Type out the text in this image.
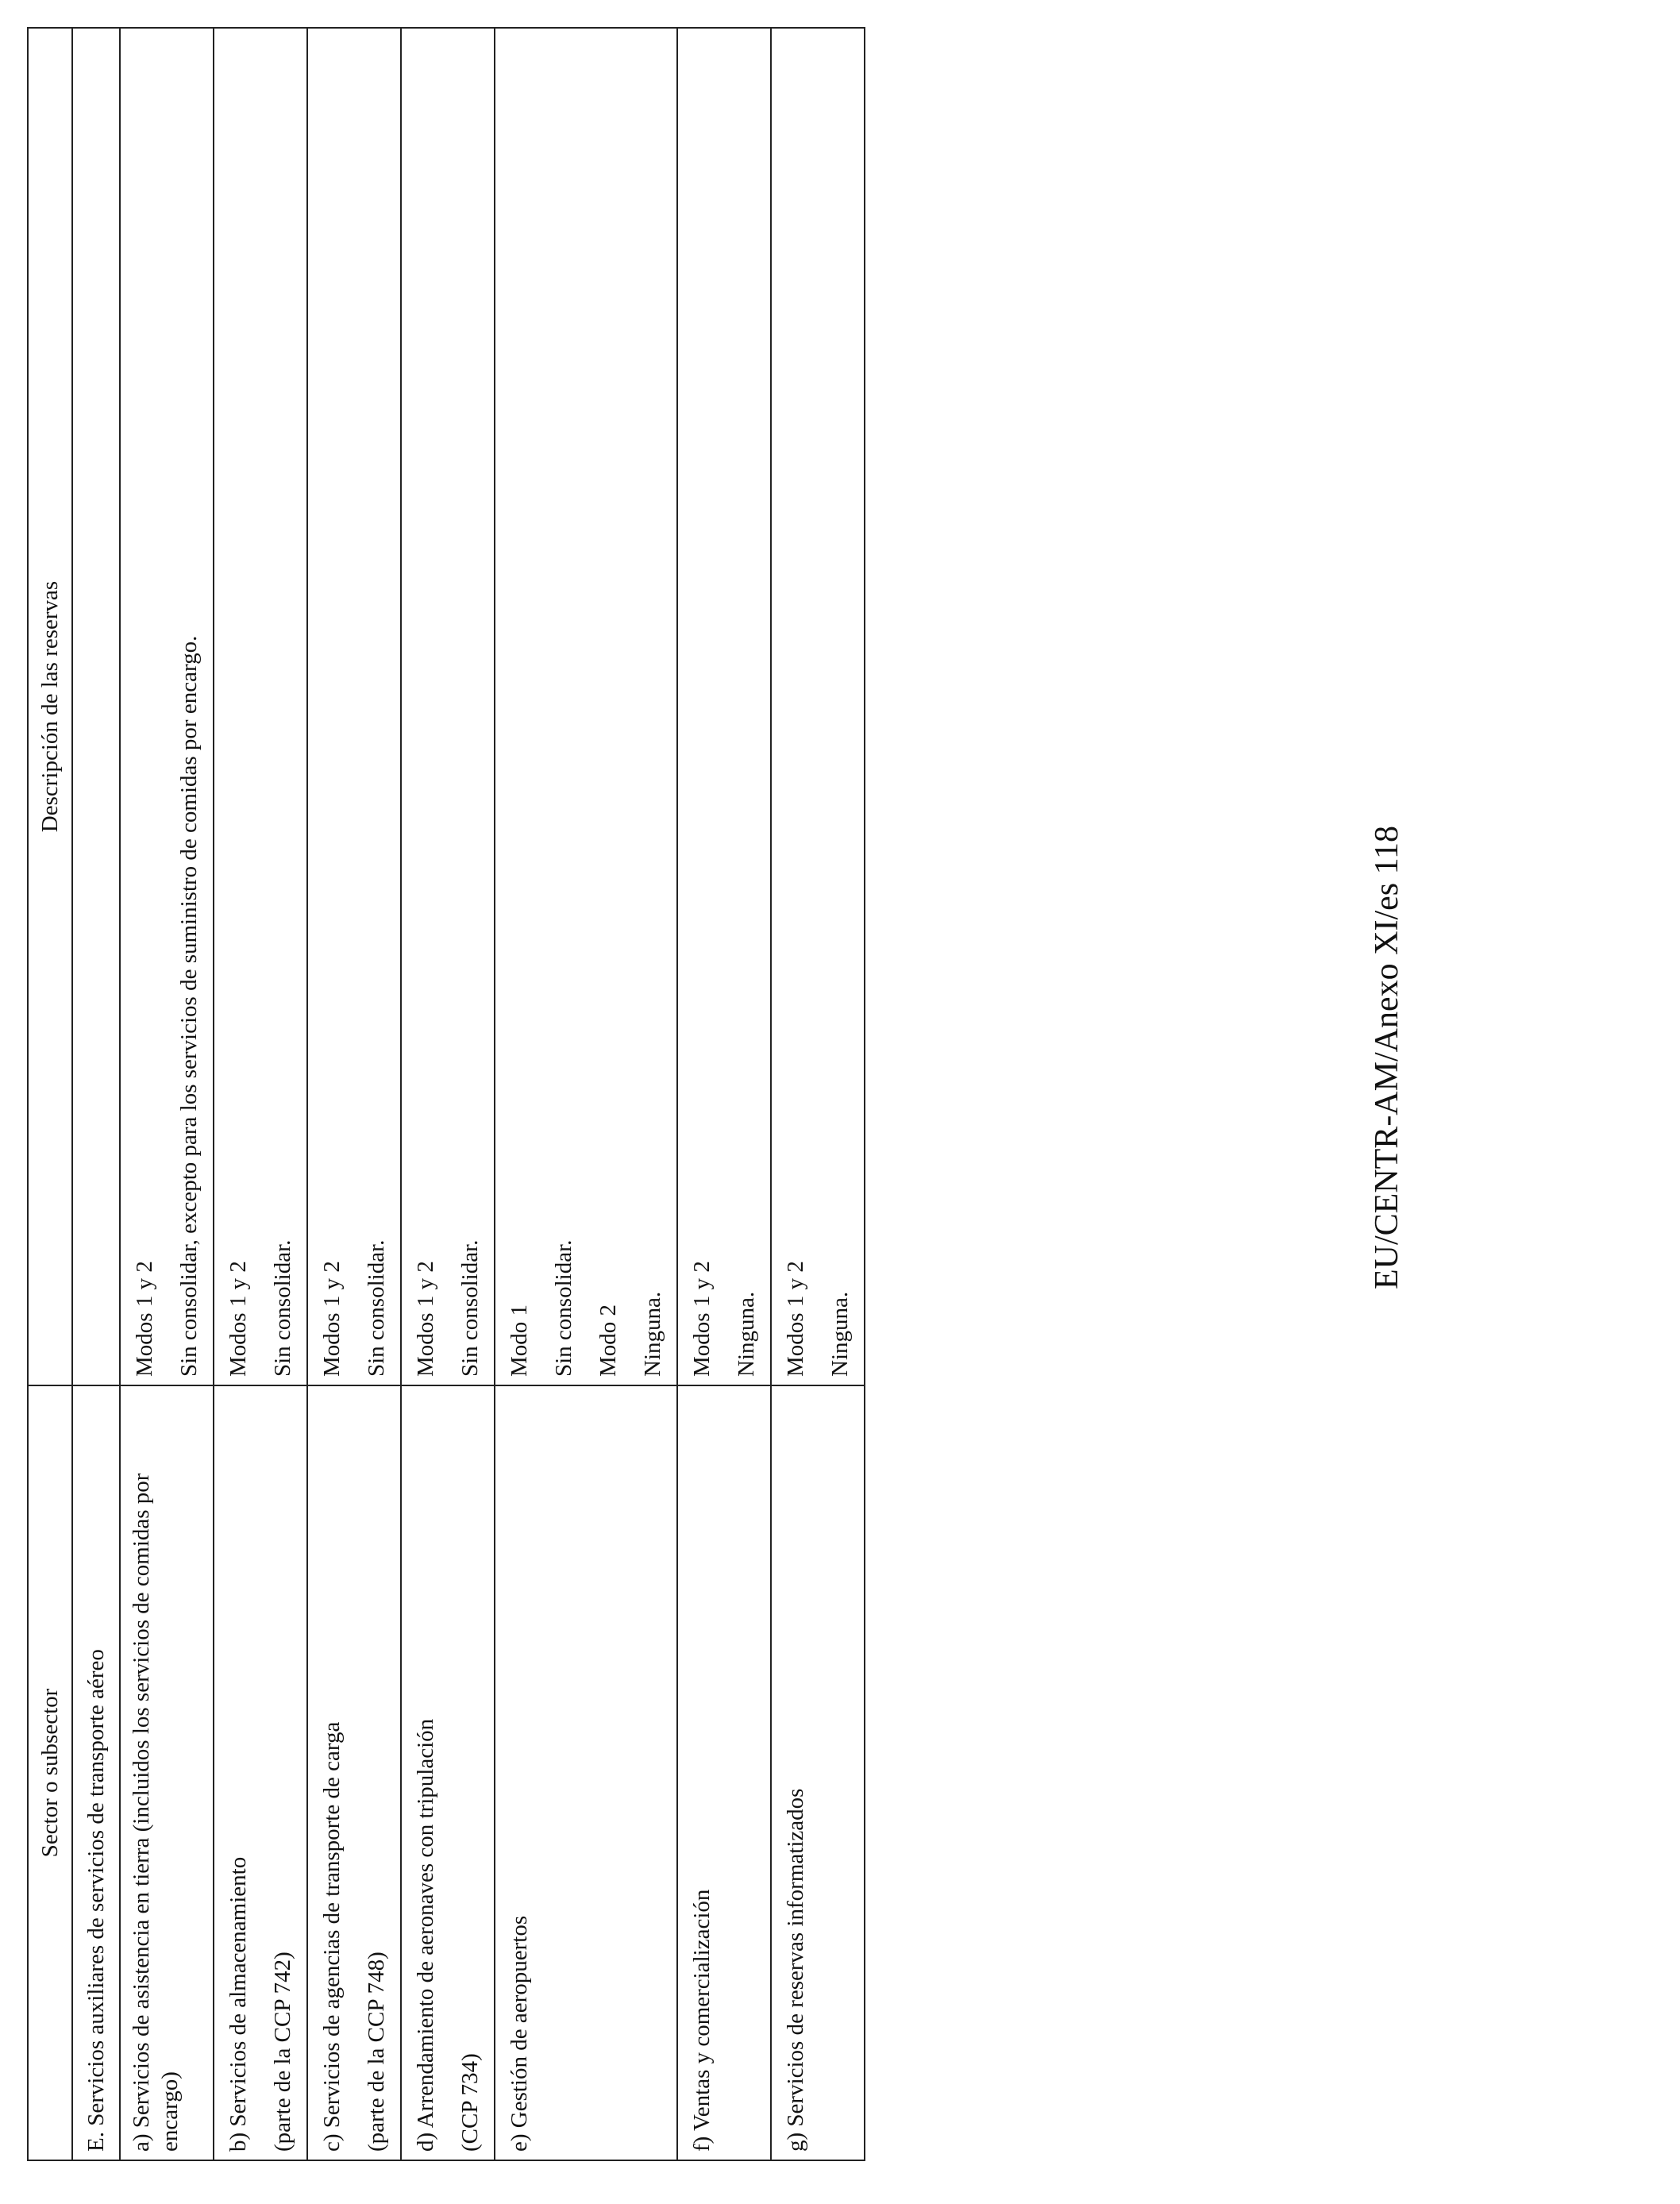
Sector o subsector	Descripción de las reservas
E. Servicios auxiliares de servicios de transporte aéreo	

a) Servicios de asistencia en tierra (incluidos los servicios de comidas por encargo)	Modos 1 y 2 Sin consolidar, excepto para los servicios de suministro de comidas por encargo.

b) Servicios de almacenamiento (parte de la CCP 742)	Modos 1 y 2 Sin consolidar.

c) Servicios de agencias de transporte de carga (parte de la CCP 748)	Modos 1 y 2 Sin consolidar.

d) Arrendamiento de aeronaves con tripulación (CCP 734)	Modos 1 y 2 Sin consolidar.

e) Gestión de aeropuertos	Modo 1 Sin consolidar. Modo 2 Ninguna.

f) Ventas y comercialización	Modos 1 y 2 Ninguna.

g) Servicios de reservas informatizados	Modos 1 y 2 Ninguna.
EU/CENTR-AM/Anexo XI/es 118
